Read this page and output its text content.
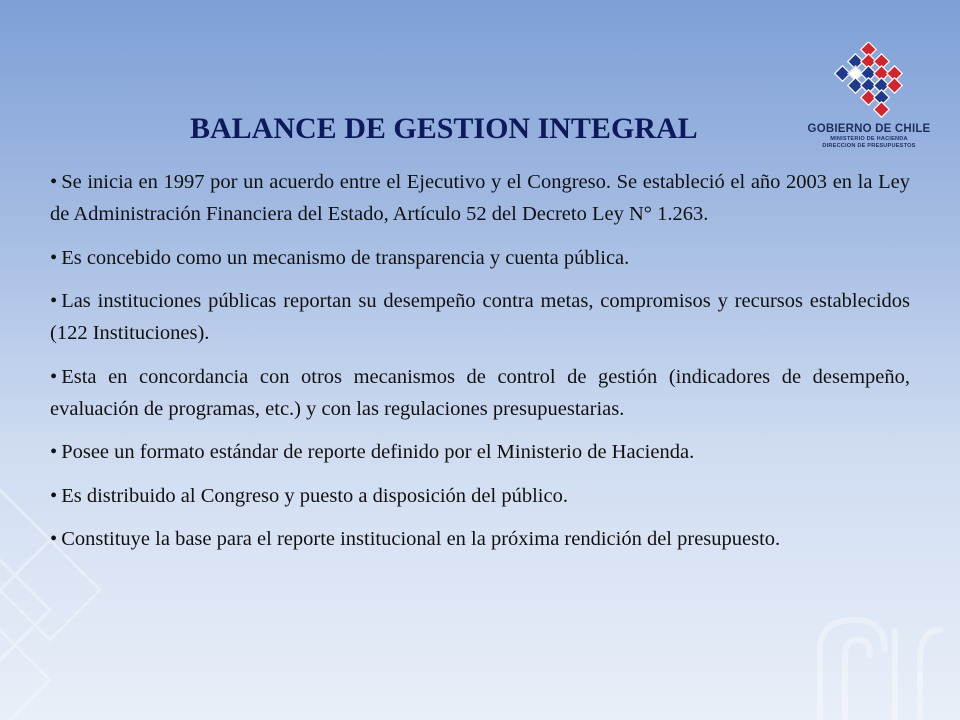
GOBIERNO DE CHILE
MINISTERIO DE HACIENDA
DIRECCION DE PRESUPUESTOS
BALANCE DE GESTION INTEGRAL

• Se inicia en 1997 por un acuerdo entre el Ejecutivo y el Congreso. Se estableció el año 2003 en la Ley de Administración Financiera del Estado, Artículo 52 del Decreto Ley N° 1.263.

• Es concebido como un mecanismo de transparencia y cuenta pública.

• Las instituciones públicas reportan su desempeño contra metas, compromisos y recursos establecidos (122 Instituciones).

• Esta en concordancia con otros mecanismos de control de gestión (indicadores de desempeño, evaluación de programas, etc.) y con las regulaciones presupuestarias.

• Posee un formato estándar de reporte definido por el Ministerio de Hacienda.

• Es distribuido al Congreso y puesto a disposición del público.

• Constituye la base para el reporte institucional en la próxima rendición del presupuesto.
